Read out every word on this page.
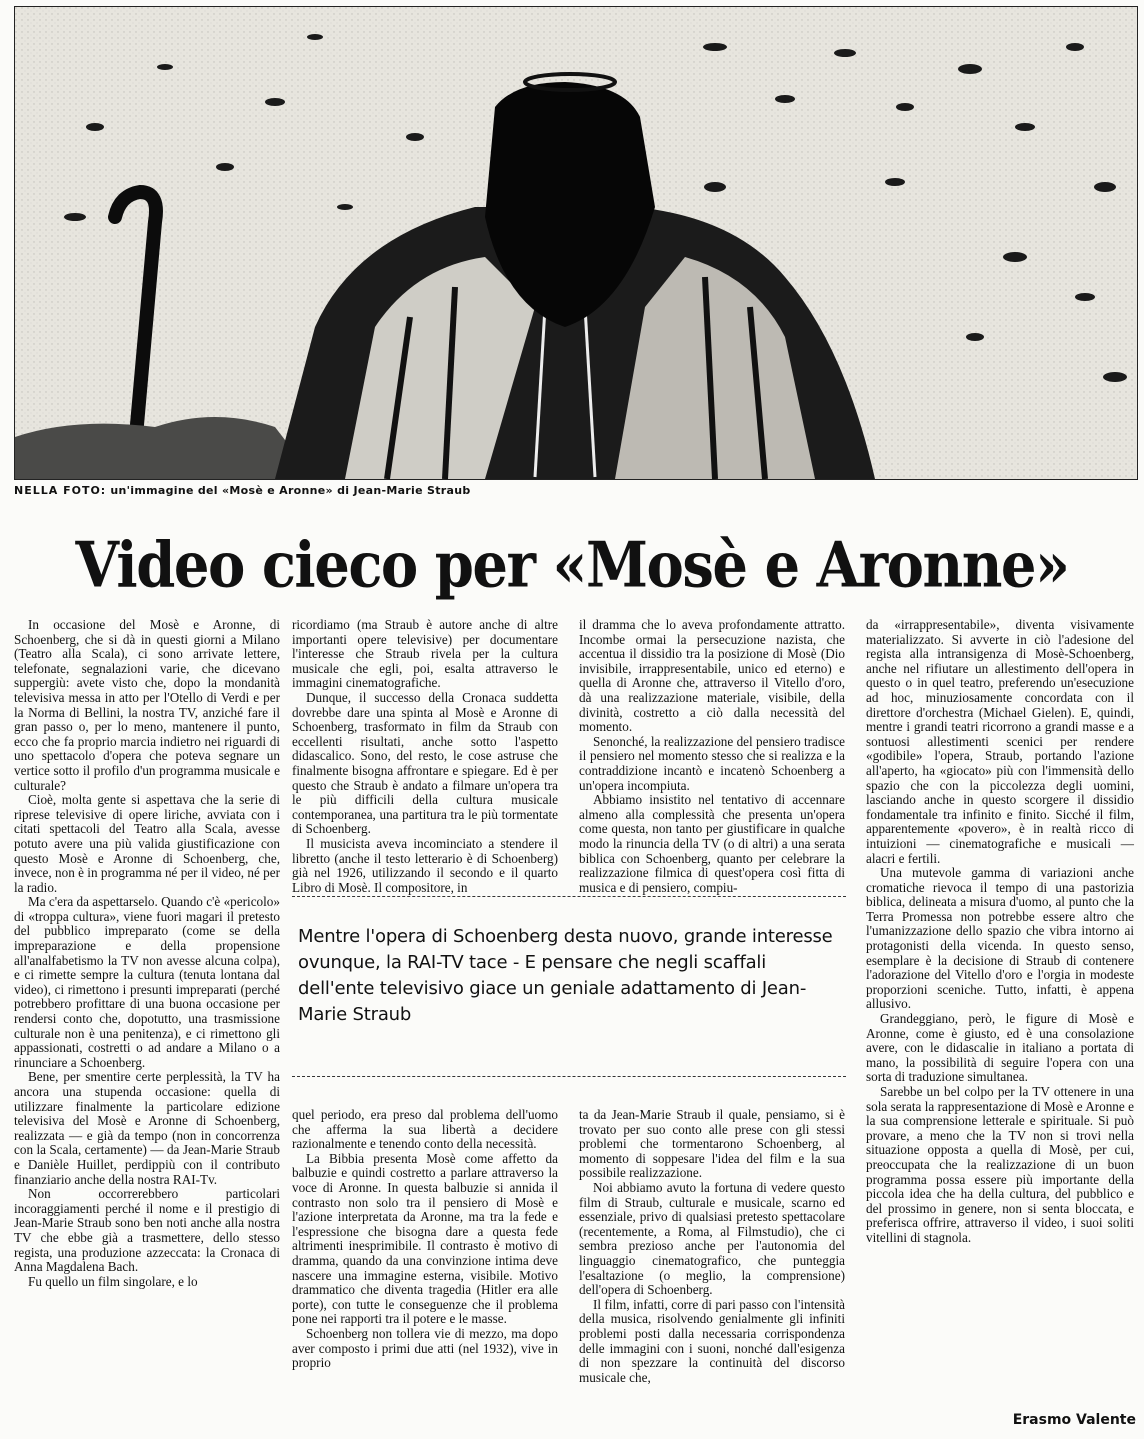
NELLA FOTO: un'immagine del «Mosè e Aronne» di Jean-Marie Straub
Video cieco per «Mosè e Aronne»

In occasione del Mosè e Aronne, di Schoenberg, che si dà in questi giorni a Milano (Teatro alla Scala), ci sono arrivate lettere, telefonate, segnalazioni varie, che dicevano suppergiù: avete visto che, dopo la mondanità televisiva messa in atto per l'Otello di Verdi e per la Norma di Bellini, la nostra TV, anziché fare il gran passo o, per lo meno, mantenere il punto, ecco che fa proprio marcia indietro nei riguardi di uno spettacolo d'opera che poteva segnare un vertice sotto il profilo d'un programma musicale e culturale?

Cioè, molta gente si aspettava che la serie di riprese televisive di opere liriche, avviata con i citati spettacoli del Teatro alla Scala, avesse potuto avere una più valida giustificazione con questo Mosè e Aronne di Schoenberg, che, invece, non è in programma né per il video, né per la radio.

Ma c'era da aspettarselo. Quando c'è «pericolo» di «troppa cultura», viene fuori magari il pretesto del pubblico impreparato (come se della impreparazione e della propensione all'analfabetismo la TV non avesse alcuna colpa), e ci rimette sempre la cultura (tenuta lontana dal video), ci rimettono i presunti impreparati (perché potrebbero profittare di una buona occasione per rendersi conto che, dopotutto, una trasmissione culturale non è una penitenza), e ci rimettono gli appassionati, costretti o ad andare a Milano o a rinunciare a Schoenberg.

Bene, per smentire certe perplessità, la TV ha ancora una stupenda occasione: quella di utilizzare finalmente la particolare edizione televisiva del Mosè e Aronne di Schoenberg, realizzata — e già da tempo (non in concorrenza con la Scala, certamente) — da Jean-Marie Straub e Danièle Huillet, perdippiù con il contributo finanziario anche della nostra RAI-Tv.

Non occorrerebbero particolari incoraggiamenti perché il nome e il prestigio di Jean-Marie Straub sono ben noti anche alla nostra TV che ebbe già a trasmettere, dello stesso regista, una produzione azzeccata: la Cronaca di Anna Magdalena Bach.

Fu quello un film singolare, e lo

ricordiamo (ma Straub è autore anche di altre importanti opere televisive) per documentare l'interesse che Straub rivela per la cultura musicale che egli, poi, esalta attraverso le immagini cinematografiche.

Dunque, il successo della Cronaca suddetta dovrebbe dare una spinta al Mosè e Aronne di Schoenberg, trasformato in film da Straub con eccellenti risultati, anche sotto l'aspetto didascalico. Sono, del resto, le cose astruse che finalmente bisogna affrontare e spiegare. Ed è per questo che Straub è andato a filmare un'opera tra le più difficili della cultura musicale contemporanea, una partitura tra le più tormentate di Schoenberg.

Il musicista aveva incominciato a stendere il libretto (anche il testo letterario è di Schoenberg) già nel 1926, utilizzando il secondo e il quarto Libro di Mosè. Il compositore, in

il dramma che lo aveva profondamente attratto. Incombe ormai la persecuzione nazista, che accentua il dissidio tra la posizione di Mosè (Dio invisibile, irrappresentabile, unico ed eterno) e quella di Aronne che, attraverso il Vitello d'oro, dà una realizzazione materiale, visibile, della divinità, costretto a ciò dalla necessità del momento.

Senonché, la realizzazione del pensiero tradisce il pensiero nel momento stesso che si realizza e la contraddizione incantò e incatenò Schoenberg a un'opera incompiuta.

Abbiamo insistito nel tentativo di accennare almeno alla complessità che presenta un'opera come questa, non tanto per giustificare in qualche modo la rinuncia della TV (o di altri) a una serata biblica con Schoenberg, quanto per celebrare la realizzazione filmica di quest'opera così fitta di musica e di pensiero, compiu-

Mentre l'opera di Schoenberg desta nuovo, grande interesse ovunque, la RAI-TV tace - E pensare che negli scaffali dell'ente televisivo giace un geniale adattamento di Jean-Marie Straub

quel periodo, era preso dal problema dell'uomo che afferma la sua libertà a decidere razionalmente e tenendo conto della necessità.

La Bibbia presenta Mosè come affetto da balbuzie e quindi costretto a parlare attraverso la voce di Aronne. In questa balbuzie si annida il contrasto non solo tra il pensiero di Mosè e l'azione interpretata da Aronne, ma tra la fede e l'espressione che bisogna dare a questa fede altrimenti inesprimibile. Il contrasto è motivo di dramma, quando da una convinzione intima deve nascere una immagine esterna, visibile. Motivo drammatico che diventa tragedia (Hitler era alle porte), con tutte le conseguenze che il problema pone nei rapporti tra il potere e le masse.

Schoenberg non tollera vie di mezzo, ma dopo aver composto i primi due atti (nel 1932), vive in proprio

ta da Jean-Marie Straub il quale, pensiamo, si è trovato per suo conto alle prese con gli stessi problemi che tormentarono Schoenberg, al momento di soppesare l'idea del film e la sua possibile realizzazione.

Noi abbiamo avuto la fortuna di vedere questo film di Straub, culturale e musicale, scarno ed essenziale, privo di qualsiasi pretesto spettacolare (recentemente, a Roma, al Filmstudio), che ci sembra prezioso anche per l'autonomia del linguaggio cinematografico, che punteggia l'esaltazione (o meglio, la comprensione) dell'opera di Schoenberg.

Il film, infatti, corre di pari passo con l'intensità della musica, risolvendo genialmente gli infiniti problemi posti dalla necessaria corrispondenza delle immagini con i suoni, nonché dall'esigenza di non spezzare la continuità del discorso musicale che,

da «irrappresentabile», diventa visivamente materializzato. Si avverte in ciò l'adesione del regista alla intransigenza di Mosè-Schoenberg, anche nel rifiutare un allestimento dell'opera in questo o in quel teatro, preferendo un'esecuzione ad hoc, minuziosamente concordata con il direttore d'orchestra (Michael Gielen). E, quindi, mentre i grandi teatri ricorrono a grandi masse e a sontuosi allestimenti scenici per rendere «godibile» l'opera, Straub, portando l'azione all'aperto, ha «giocato» più con l'immensità dello spazio che con la piccolezza degli uomini, lasciando anche in questo scorgere il dissidio fondamentale tra infinito e finito. Sicché il film, apparentemente «povero», è in realtà ricco di intuizioni — cinematografiche e musicali — alacri e fertili.

Una mutevole gamma di variazioni anche cromatiche rievoca il tempo di una pastorizia biblica, delineata a misura d'uomo, al punto che la Terra Promessa non potrebbe essere altro che l'umanizzazione dello spazio che vibra intorno ai protagonisti della vicenda. In questo senso, esemplare è la decisione di Straub di contenere l'adorazione del Vitello d'oro e l'orgia in modeste proporzioni sceniche. Tutto, infatti, è appena allusivo.

Grandeggiano, però, le figure di Mosè e Aronne, come è giusto, ed è una consolazione avere, con le didascalie in italiano a portata di mano, la possibilità di seguire l'opera con una sorta di traduzione simultanea.

Sarebbe un bel colpo per la TV ottenere in una sola serata la rappresentazione di Mosè e Aronne e la sua comprensione letterale e spirituale. Si può provare, a meno che la TV non si trovi nella situazione opposta a quella di Mosè, per cui, preoccupata che la realizzazione di un buon programma possa essere più importante della piccola idea che ha della cultura, del pubblico e del prossimo in genere, non si senta bloccata, e preferisca offrire, attraverso il video, i suoi soliti vitellini di stagnola.

Erasmo Valente
